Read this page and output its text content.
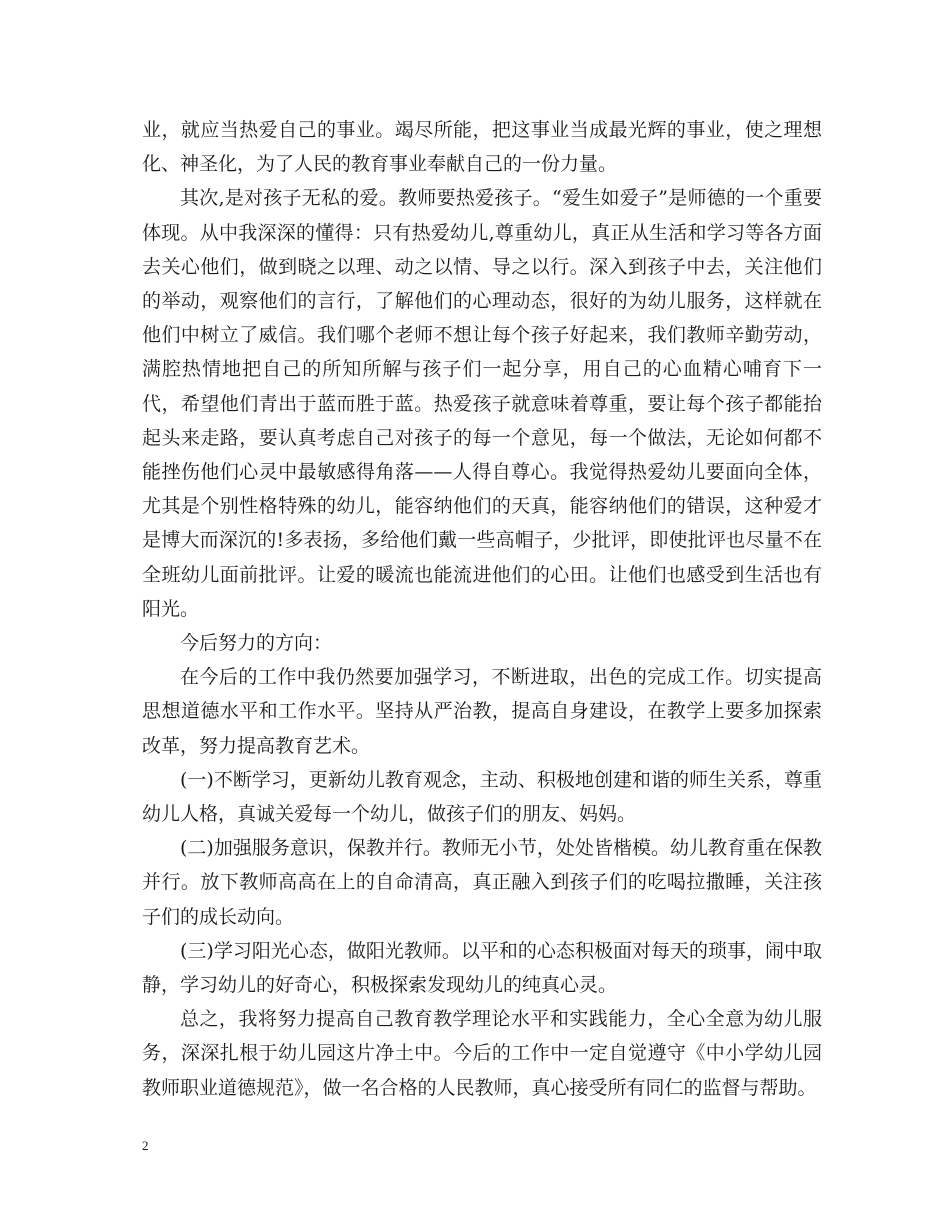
业，就应当热爱自己的事业。竭尽所能，把这事业当成最光辉的事业，使之理想化、神圣化，为了人民的教育事业奉献自己的一份力量。

其次,是对孩子无私的爱。教师要热爱孩子。“爱生如爱子”是师德的一个重要体现。从中我深深的懂得：只有热爱幼儿,尊重幼儿，真正从生活和学习等各方面去关心他们，做到晓之以理、动之以情、导之以行。深入到孩子中去，关注他们的举动，观察他们的言行，了解他们的心理动态，很好的为幼儿服务，这样就在他们中树立了威信。我们哪个老师不想让每个孩子好起来，我们教师辛勤劳动，满腔热情地把自己的所知所解与孩子们一起分享，用自己的心血精心哺育下一代，希望他们青出于蓝而胜于蓝。热爱孩子就意味着尊重，要让每个孩子都能抬起头来走路，要认真考虑自己对孩子的每一个意见，每一个做法，无论如何都不能挫伤他们心灵中最敏感得角落——人得自尊心。我觉得热爱幼儿要面向全体，尤其是个别性格特殊的幼儿，能容纳他们的天真，能容纳他们的错误，这种爱才是博大而深沉的!多表扬，多给他们戴一些高帽子，少批评，即使批评也尽量不在全班幼儿面前批评。让爱的暖流也能流进他们的心田。让他们也感受到生活也有阳光。

今后努力的方向：

在今后的工作中我仍然要加强学习，不断进取，出色的完成工作。切实提高思想道德水平和工作水平。坚持从严治教，提高自身建设，在教学上要多加探索改革，努力提高教育艺术。

(一)不断学习，更新幼儿教育观念，主动、积极地创建和谐的师生关系，尊重幼儿人格，真诚关爱每一个幼儿，做孩子们的朋友、妈妈。

(二)加强服务意识，保教并行。教师无小节，处处皆楷模。幼儿教育重在保教并行。放下教师高高在上的自命清高，真正融入到孩子们的吃喝拉撒睡，关注孩子们的成长动向。

(三)学习阳光心态，做阳光教师。以平和的心态积极面对每天的琐事，闹中取静，学习幼儿的好奇心，积极探索发现幼儿的纯真心灵。

总之，我将努力提高自己教育教学理论水平和实践能力，全心全意为幼儿服务，深深扎根于幼儿园这片净土中。今后的工作中一定自觉遵守《中小学幼儿园教师职业道德规范》，做一名合格的人民教师，真心接受所有同仁的监督与帮助。

2
